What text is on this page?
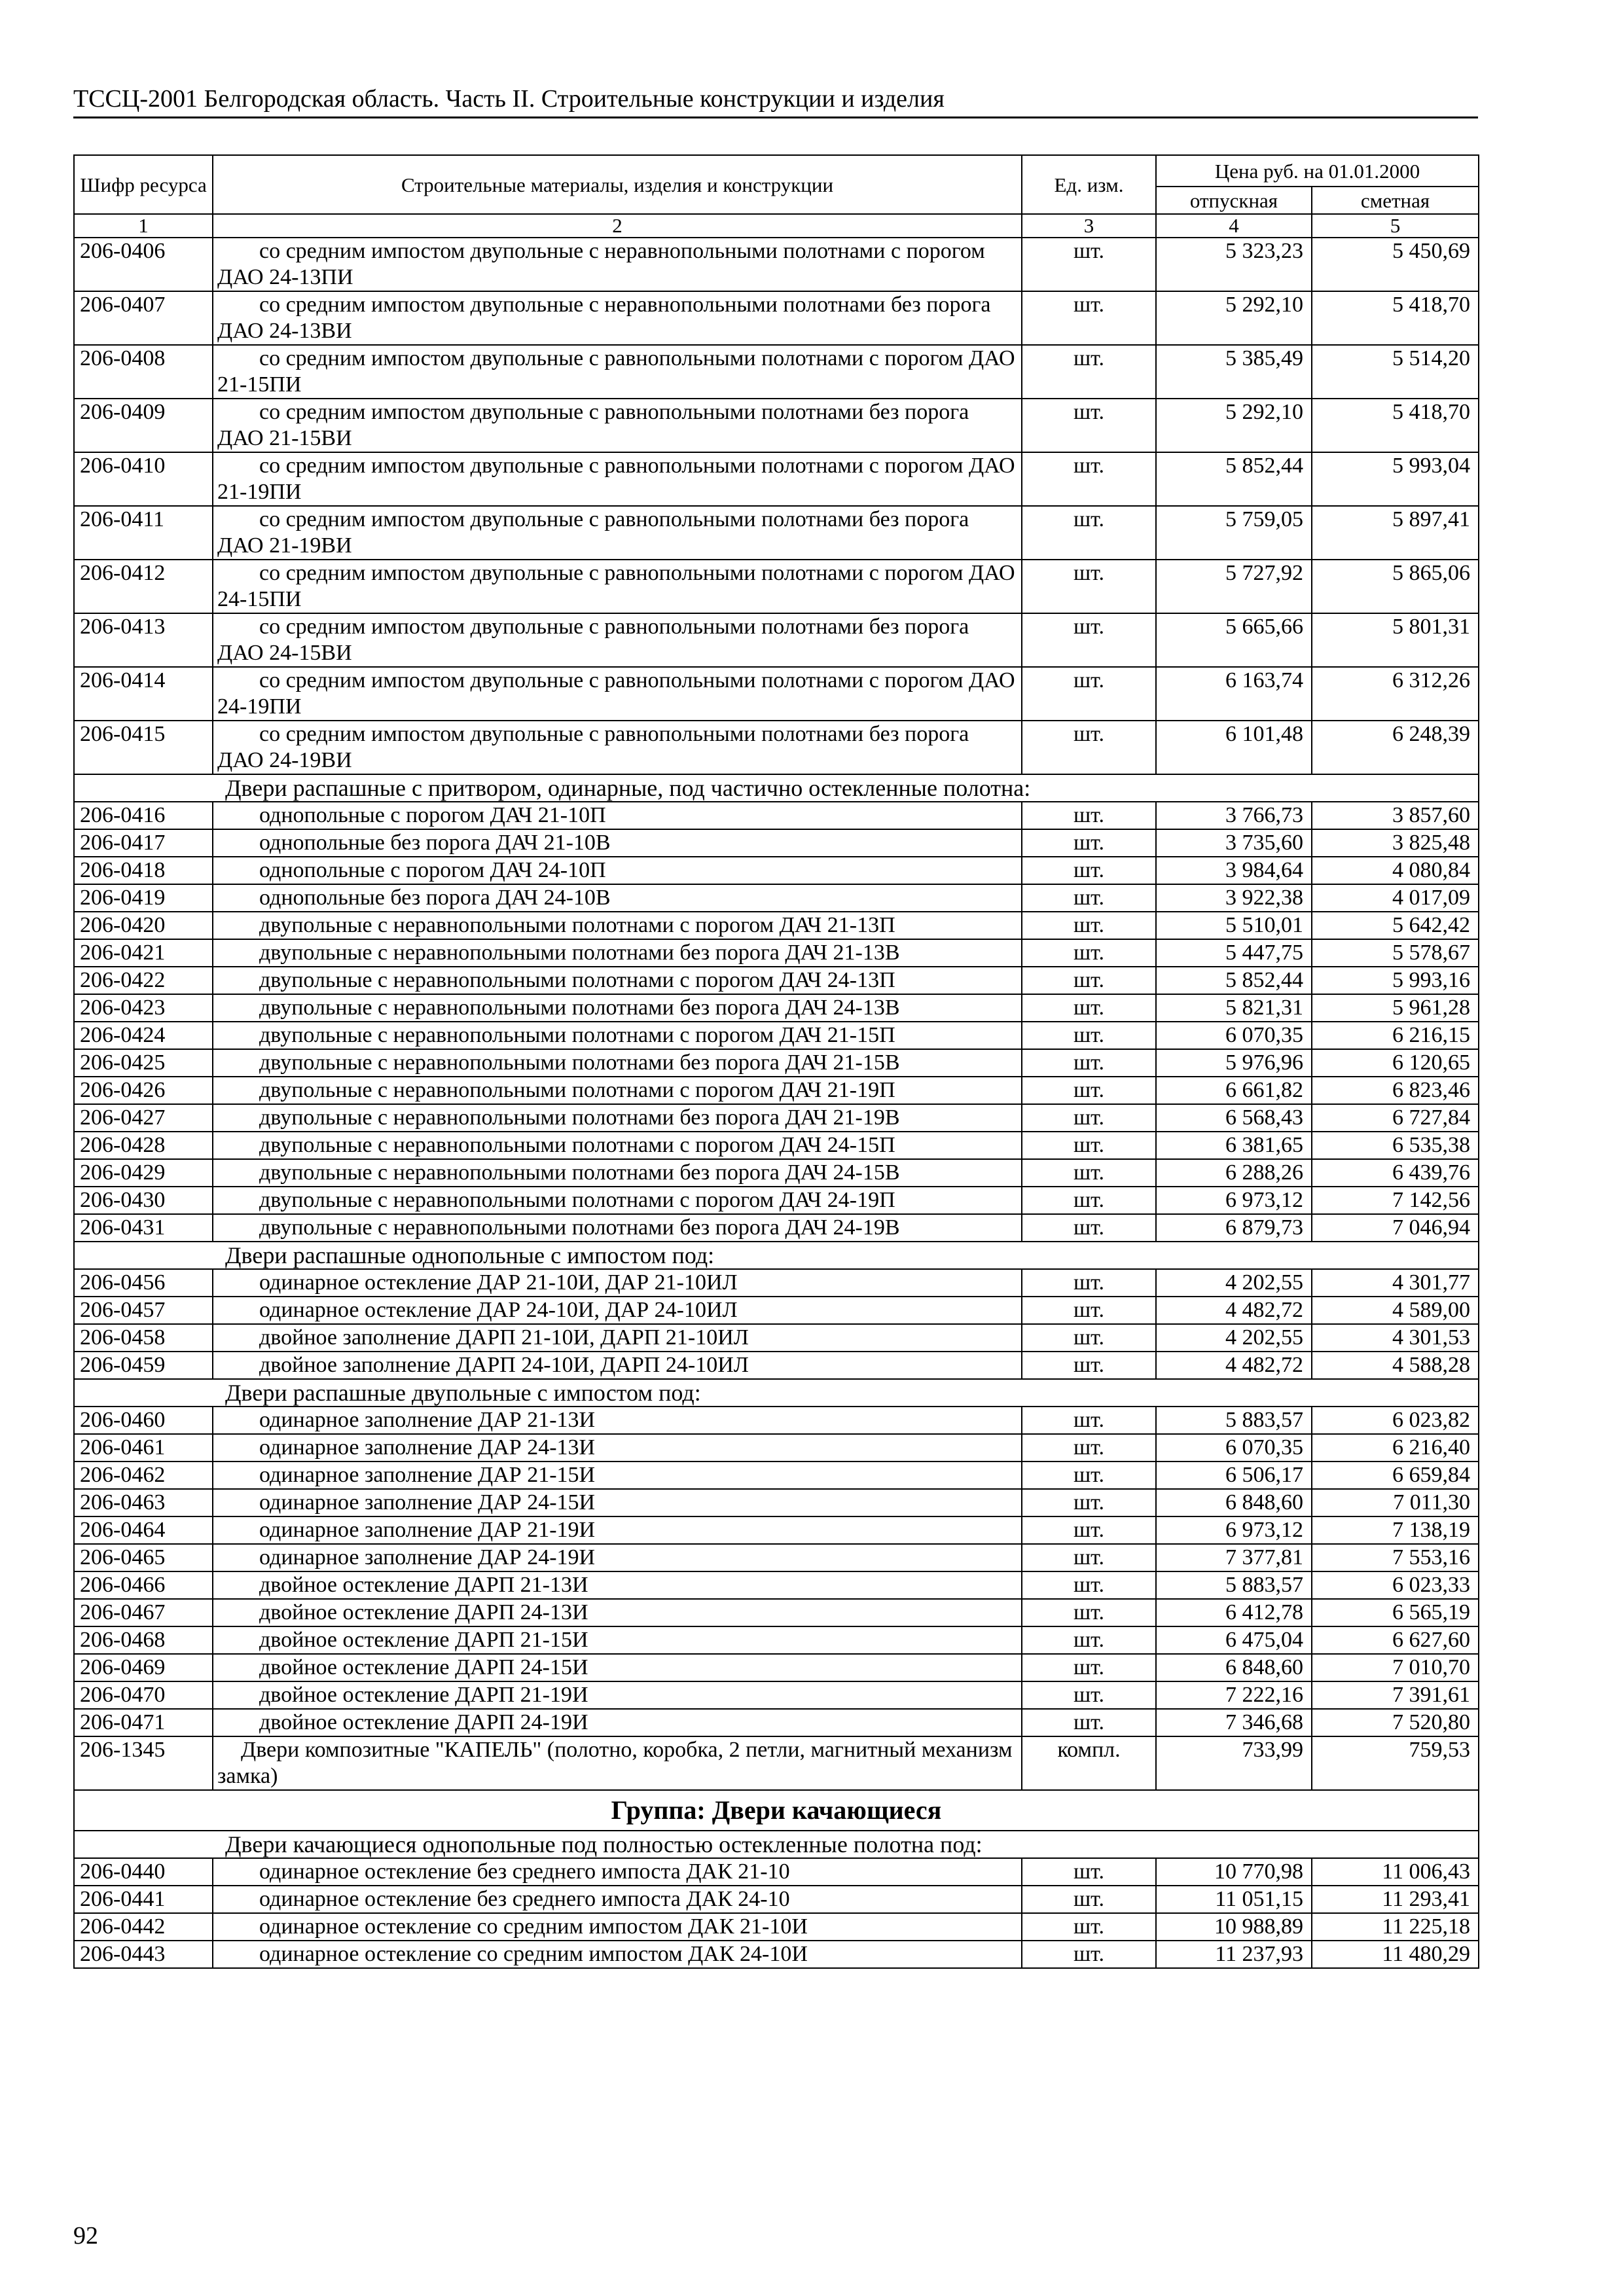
ТССЦ-2001 Белгородская область. Часть II. Строительные конструкции и изделия
Шифр ресурса	Строительные материалы, изделия и конструкции	Ед. изм.	Цена руб. на 01.01.2000	
			отпускная	сметная
1	2	3	4	5
206-0406	со средним импостом двупольные с неравнопольными полотнами с порогом ДАО 24-13ПИ	шт.	5 323,23	5 450,69
206-0407	со средним импостом двупольные с неравнопольными полотнами без порога ДАО 24-13ВИ	шт.	5 292,10	5 418,70
206-0408	со средним импостом двупольные с равнопольными полотнами с порогом ДАО 21-15ПИ	шт.	5 385,49	5 514,20
206-0409	со средним импостом двупольные с равнопольными полотнами без порога ДАО 21-15ВИ	шт.	5 292,10	5 418,70
206-0410	со средним импостом двупольные с равнопольными полотнами с порогом ДАО 21-19ПИ	шт.	5 852,44	5 993,04
206-0411	со средним импостом двупольные с равнопольными полотнами без порога ДАО 21-19ВИ	шт.	5 759,05	5 897,41
206-0412	со средним импостом двупольные с равнопольными полотнами с порогом ДАО 24-15ПИ	шт.	5 727,92	5 865,06
206-0413	со средним импостом двупольные с равнопольными полотнами без порога ДАО 24-15ВИ	шт.	5 665,66	5 801,31
206-0414	со средним импостом двупольные с равнопольными полотнами с порогом ДАО 24-19ПИ	шт.	6 163,74	6 312,26
206-0415	со средним импостом двупольные с равнопольными полотнами без порога ДАО 24-19ВИ	шт.	6 101,48	6 248,39
Двери распашные с притвором, одинарные, под частично остекленные полотна:				
206-0416	однопольные с порогом ДАЧ 21-10П	шт.	3 766,73	3 857,60
206-0417	однопольные без порога ДАЧ 21-10В	шт.	3 735,60	3 825,48
206-0418	однопольные с порогом ДАЧ 24-10П	шт.	3 984,64	4 080,84
206-0419	однопольные без порога ДАЧ 24-10В	шт.	3 922,38	4 017,09
206-0420	двупольные с неравнопольными полотнами с порогом ДАЧ 21-13П	шт.	5 510,01	5 642,42
206-0421	двупольные с неравнопольными полотнами без порога ДАЧ 21-13В	шт.	5 447,75	5 578,67
206-0422	двупольные с неравнопольными полотнами с порогом ДАЧ 24-13П	шт.	5 852,44	5 993,16
206-0423	двупольные с неравнопольными полотнами без порога ДАЧ 24-13В	шт.	5 821,31	5 961,28
206-0424	двупольные с неравнопольными полотнами с порогом ДАЧ 21-15П	шт.	6 070,35	6 216,15
206-0425	двупольные с неравнопольными полотнами без порога ДАЧ 21-15В	шт.	5 976,96	6 120,65
206-0426	двупольные с неравнопольными полотнами с порогом ДАЧ 21-19П	шт.	6 661,82	6 823,46
206-0427	двупольные с неравнопольными полотнами без порога ДАЧ 21-19В	шт.	6 568,43	6 727,84
206-0428	двупольные с неравнопольными полотнами с порогом ДАЧ 24-15П	шт.	6 381,65	6 535,38
206-0429	двупольные с неравнопольными полотнами без порога ДАЧ 24-15В	шт.	6 288,26	6 439,76
206-0430	двупольные с неравнопольными полотнами с порогом ДАЧ 24-19П	шт.	6 973,12	7 142,56
206-0431	двупольные с неравнопольными полотнами без порога ДАЧ 24-19В	шт.	6 879,73	7 046,94
Двери распашные однопольные с импостом под:				
206-0456	одинарное остекление ДАР 21-10И, ДАР 21-10ИЛ	шт.	4 202,55	4 301,77
206-0457	одинарное остекление ДАР 24-10И, ДАР 24-10ИЛ	шт.	4 482,72	4 589,00
206-0458	двойное заполнение ДАРП 21-10И, ДАРП 21-10ИЛ	шт.	4 202,55	4 301,53
206-0459	двойное заполнение ДАРП 24-10И, ДАРП 24-10ИЛ	шт.	4 482,72	4 588,28
Двери распашные двупольные с импостом под:				
206-0460	одинарное заполнение ДАР 21-13И	шт.	5 883,57	6 023,82
206-0461	одинарное заполнение ДАР 24-13И	шт.	6 070,35	6 216,40
206-0462	одинарное заполнение ДАР 21-15И	шт.	6 506,17	6 659,84
206-0463	одинарное заполнение ДАР 24-15И	шт.	6 848,60	7 011,30
206-0464	одинарное заполнение ДАР 21-19И	шт.	6 973,12	7 138,19
206-0465	одинарное заполнение ДАР 24-19И	шт.	7 377,81	7 553,16
206-0466	двойное остекление ДАРП 21-13И	шт.	5 883,57	6 023,33
206-0467	двойное остекление ДАРП 24-13И	шт.	6 412,78	6 565,19
206-0468	двойное остекление ДАРП 21-15И	шт.	6 475,04	6 627,60
206-0469	двойное остекление ДАРП 24-15И	шт.	6 848,60	7 010,70
206-0470	двойное остекление ДАРП 21-19И	шт.	7 222,16	7 391,61
206-0471	двойное остекление ДАРП 24-19И	шт.	7 346,68	7 520,80
206-1345	Двери композитные "КАПЕЛЬ" (полотно, коробка, 2 петли, магнитный механизм замка)	компл.	733,99	759,53
Группа: Двери качающиеся				
Двери качающиеся однопольные под полностью остекленные полотна под:				
206-0440	одинарное остекление без среднего импоста ДАК 21-10	шт.	10 770,98	11 006,43
206-0441	одинарное остекление без среднего импоста ДАК 24-10	шт.	11 051,15	11 293,41
206-0442	одинарное остекление со средним импостом ДАК 21-10И	шт.	10 988,89	11 225,18
206-0443	одинарное остекление со средним импостом ДАК 24-10И	шт.	11 237,93	11 480,29
92
